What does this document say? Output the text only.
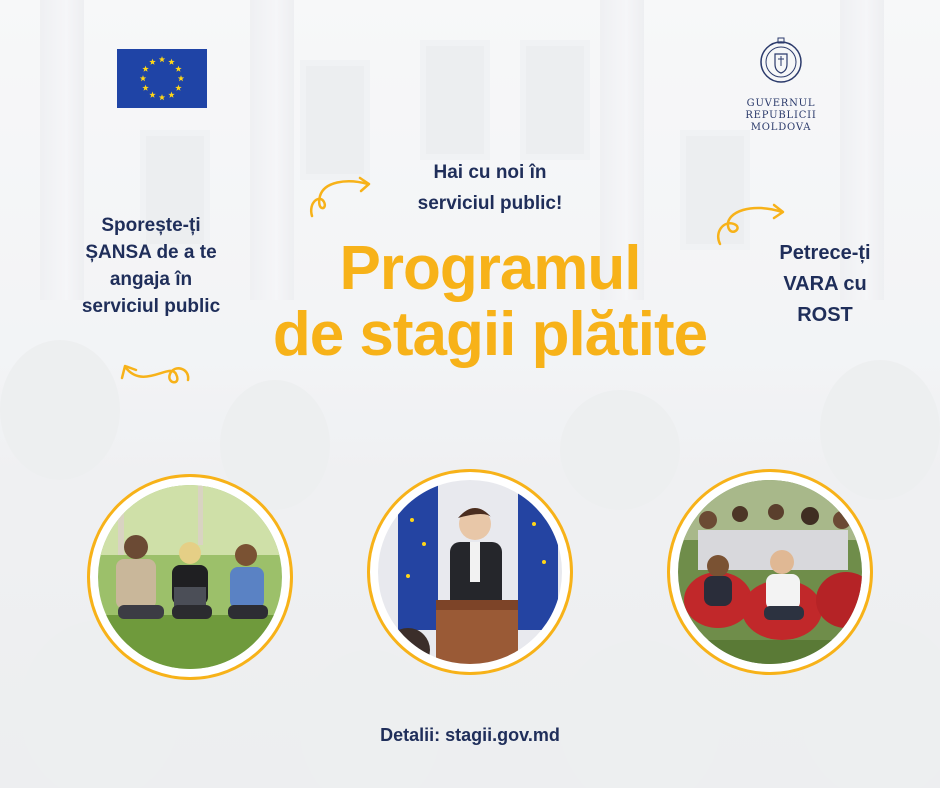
GUVERNUL
REPUBLICII MOLDOVA
Sporește-ți
ȘANSA de a te
angaja în
serviciul public
Hai cu noi în
serviciul public!
Petrece-ți
VARA cu
ROST
Programul
de stagii plătite
Detalii: stagii.gov.md
